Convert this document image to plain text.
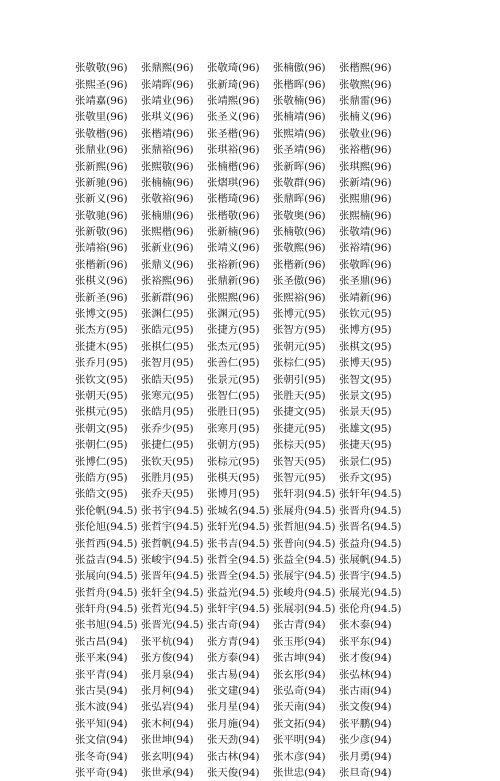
张敬敬(96)	张鼎熙(96)	张敬琦(96)	张楠傲(96)	张楷熙(96)
张熙圣(96)	张靖晖(96)	张新琦(96)	张楷晖(96)	张敬熙(96)
张靖嘉(96)	张靖业(96)	张靖熙(96)	张敬楠(96)	张鼎雷(96)
张敬里(96)	张琪义(96)	张圣义(96)	张楠靖(96)	张楠义(96)
张敬楷(96)	张楷靖(96)	张圣楷(96)	张熙靖(96)	张敬业(96)
张鼎业(96)	张鼎裕(96)	张琪裕(96)	张圣靖(96)	张裕楷(96)
张新熙(96)	张熙敬(96)	张楠楷(96)	张新晖(96)	张琪熙(96)
张新驰(96)	张楠楠(96)	张熠琪(96)	张敬群(96)	张新靖(96)
张新义(96)	张敬裕(96)	张楷琦(96)	张鼎晖(96)	张熙鼎(96)
张敬驰(96)	张楠鼎(96)	张楷敬(96)	张敬奥(96)	张熙楠(96)
张新敬(96)	张熙楷(96)	张新楠(96)	张楠敬(96)	张敬靖(96)
张靖裕(96)	张新业(96)	张靖义(96)	张敬熙(96)	张裕靖(96)
张楷新(96)	张鼎义(96)	张裕新(96)	张楷新(96)	张敬晖(96)
张棋义(96)	张裕熙(96)	张鼎新(96)	张圣傲(96)	张圣鼎(96)
张新圣(96)	张新群(96)	张熙熙(96)	张熙裕(96)	张靖新(96)
张博文(95)	张渊仁(95)	张渊元(95)	张博元(95)	张钦元(95)
张杰方(95)	张皓元(95)	张捷方(95)	张智方(95)	张博方(95)
张捷木(95)	张棋仁(95)	张杰元(95)	张朝元(95)	张棋文(95)
张乔月(95)	张智月(95)	张善仁(95)	张棕仁(95)	张博天(95)
张钦文(95)	张皓天(95)	张景元(95)	张朝引(95)	张智文(95)
张朝天(95)	张寒元(95)	张智仁(95)	张胜天(95)	张景文(95)
张棋元(95)	张皓月(95)	张胜日(95)	张捷文(95)	张景天(95)
张朝文(95)	张乔少(95)	张寒月(95)	张捷元(95)	张雄文(95)
张朝仁(95)	张捷仁(95)	张朝方(95)	张棕天(95)	张捷天(95)
张博仁(95)	张钦天(95)	张棕元(95)	张智天(95)	张景仁(95)
张皓方(95)	张胜月(95)	张棋天(95)	张智元(95)	张乔文(95)
张皓文(95)	张乔天(95)	张博月(95)	张轩羽(94.5) 张轩年(94.5)
张伦帆(94.5) 张书宇(94.5) 张城名(94.5) 张展舟(94.5) 张晋舟(94.5)
张伦旭(94.5) 张哲宇(94.5) 张轩光(94.5) 张哲旭(94.5) 张晋名(94.5)
张哲西(94.5) 张哲帆(94.5) 张书吉(94.5) 张普向(94.5) 张益舟(94.5)
张益吉(94.5) 张峻宇(94.5) 张哲全(94.5) 张益全(94.5) 张展帆(94.5)
张展向(94.5) 张晋年(94.5) 张晋全(94.5) 张展宇(94.5) 张晋宇(94.5)
张哲舟(94.5) 张轩全(94.5) 张益光(94.5) 张峻舟(94.5) 张展光(94.5)
张轩舟(94.5) 张哲光(94.5) 张轩宇(94.5) 张展羽(94.5) 张伦舟(94.5)
张书旭(94.5) 张晋光(94.5) 张古奇(94)	张古青(94)	张木泰(94)
张古昌(94)	张平杭(94)	张方青(94)	张玉彤(94)	张平东(94)
张平来(94)	张方俊(94)	张方泰(94)	张古坤(94)	张才俊(94)
张平青(94)	张月泉(94)	张古易(94)	张玄彤(94)	张弘林(94)
张古昊(94)	张月柯(94)	张文建(94)	张弘奇(94)	张古雨(94)
张木波(94)	张弘岩(94)	张月星(94)	张天南(94)	张文俊(94)
张平知(94)	张木柯(94)	张月施(94)	张文拓(94)	张平鹏(94)
张文信(94)	张世坤(94)	张天劲(94)	张平明(94)	张少彦(94)
张冬奇(94)	张玄明(94)	张古林(94)	张木彦(94)	张月勇(94)
张平奇(94)	张世承(94)	张天俊(94)	张世忠(94)	张旦奇(94)
